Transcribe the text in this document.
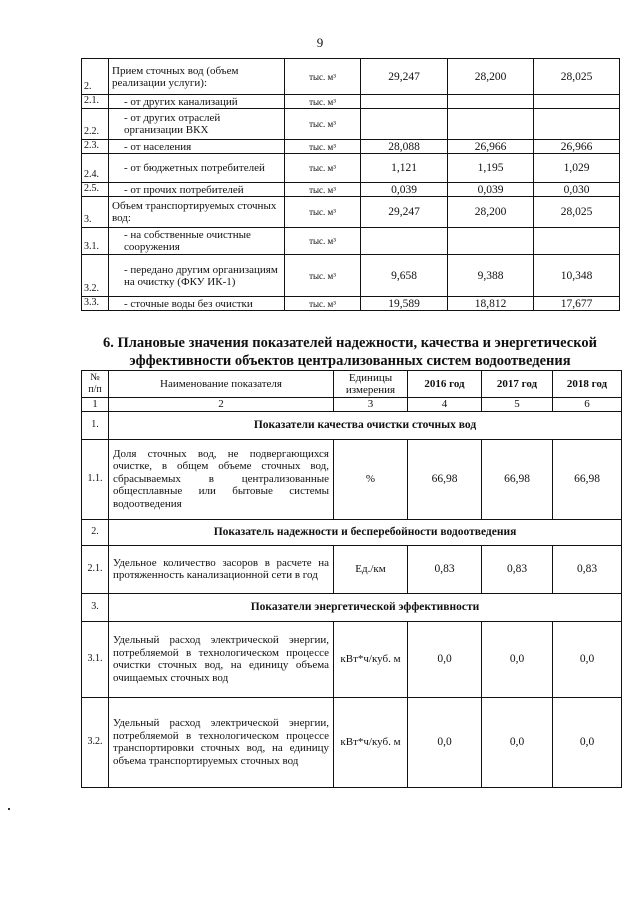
9
2.	Прием сточных вод (объем реализации услуги):	тыс. м³	29,247	28,200	28,025
2.1.	- от других канализаций	тыс. м³			
2.2.	- от других отраслей организации ВКХ	тыс. м³			
2.3.	- от населения	тыс. м³	28,088	26,966	26,966
2.4.	- от бюджетных потребителей	тыс. м³	1,121	1,195	1,029
2.5.	- от прочих потребителей	тыс. м³	0,039	0,039	0,030
3.	Объем транспортируемых сточных вод:	тыс. м³	29,247	28,200	28,025
3.1.	- на собственные очистные сооружения	тыс. м³			
3.2.	- передано другим организациям на очистку (ФКУ ИК-1)	тыс. м³	9,658	9,388	10,348
3.3.	- сточные воды без очистки	тыс. м³	19,589	18,812	17,677
6. Плановые значения показателей надежности, качества и энергетической эффективности объектов централизованных систем водоотведения
№ п/п	Наименование показателя	Единицы измерения	2016 год	2017 год	2018 год
1	2	3	4	5	6
1.	Показатели качества очистки сточных вод				
1.1.	Доля сточных вод, не подвергающихся очистке, в общем объеме сточных вод, сбрасываемых в централизованные общесплавные или бытовые системы водоотведения	%	66,98	66,98	66,98
2.	Показатель надежности и бесперебойности водоотведения				
2.1.	Удельное количество засоров в расчете на протяженность канализационной сети в год	Ед./км	0,83	0,83	0,83
3.	Показатели энергетической эффективности				
3.1.	Удельный расход электрической энергии, потребляемой в технологическом процессе очистки сточных вод, на единицу объема очищаемых сточных вод	кВт*ч/куб. м	0,0	0,0	0,0
3.2.	Удельный расход электрической энергии, потребляемой в технологическом процессе транспортировки сточных вод, на единицу объема транспортируемых сточных вод	кВт*ч/куб. м	0,0	0,0	0,0
